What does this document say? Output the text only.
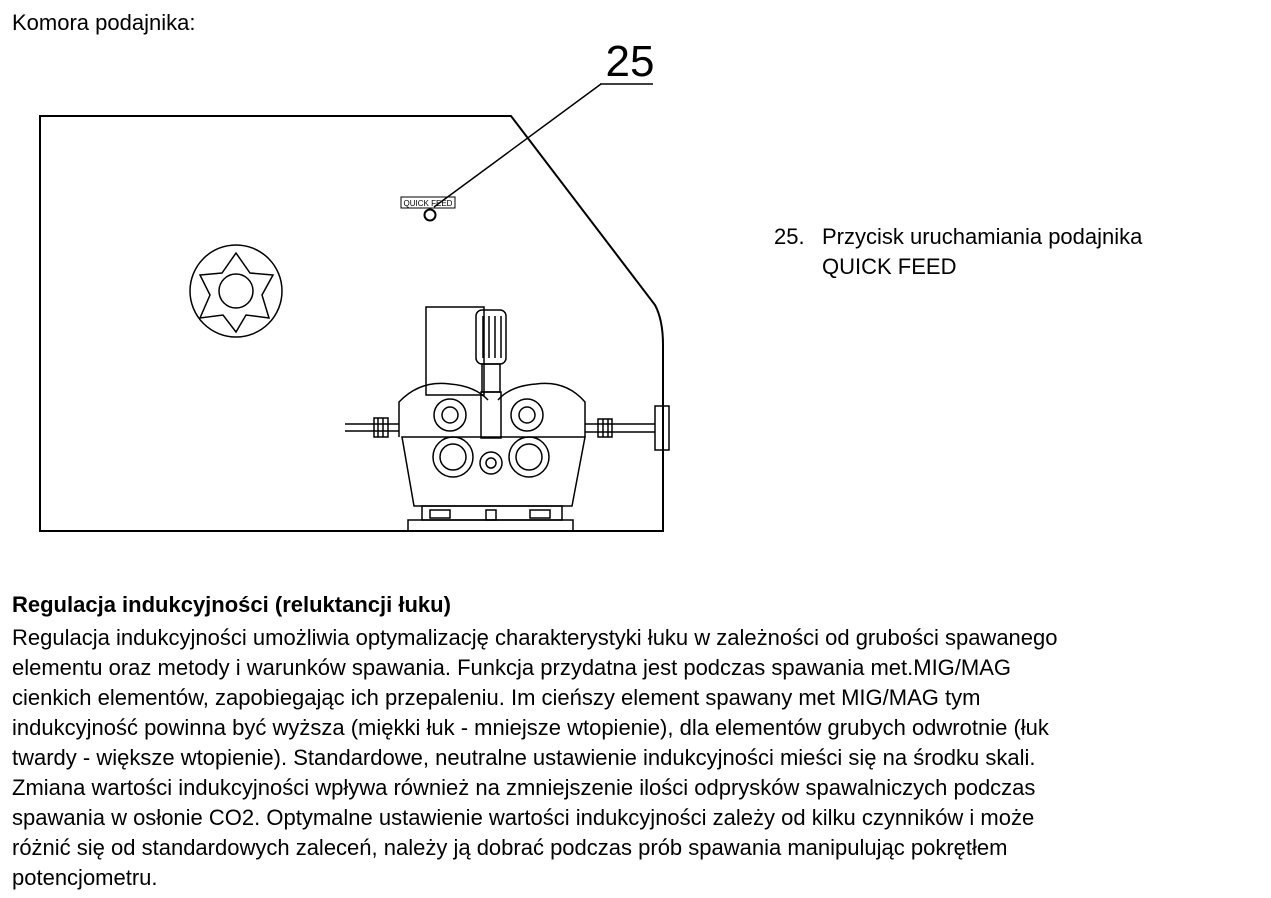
Komora podajnika:
25
QUICK FEED
25. Przycisk uruchamiania podajnika
QUICK FEED
Regulacja indukcyjności (reluktancji łuku)
Regulacja indukcyjności umożliwia optymalizację charakterystyki łuku w zależności od grubości spawanego
elementu oraz metody i warunków spawania. Funkcja przydatna jest podczas spawania met.MIG/MAG
cienkich elementów, zapobiegając ich przepaleniu. Im cieńszy element spawany met MIG/MAG tym
indukcyjność powinna być wyższa (miękki łuk - mniejsze wtopienie), dla elementów grubych odwrotnie (łuk
twardy - większe wtopienie). Standardowe, neutralne ustawienie indukcyjności mieści się na środku skali.
Zmiana wartości indukcyjności wpływa również na zmniejszenie ilości odprysków spawalniczych podczas
spawania w osłonie CO2. Optymalne ustawienie wartości indukcyjności zależy od kilku czynników i może
różnić się od standardowych zaleceń, należy ją dobrać podczas prób spawania manipulując pokrętłem
potencjometru.
